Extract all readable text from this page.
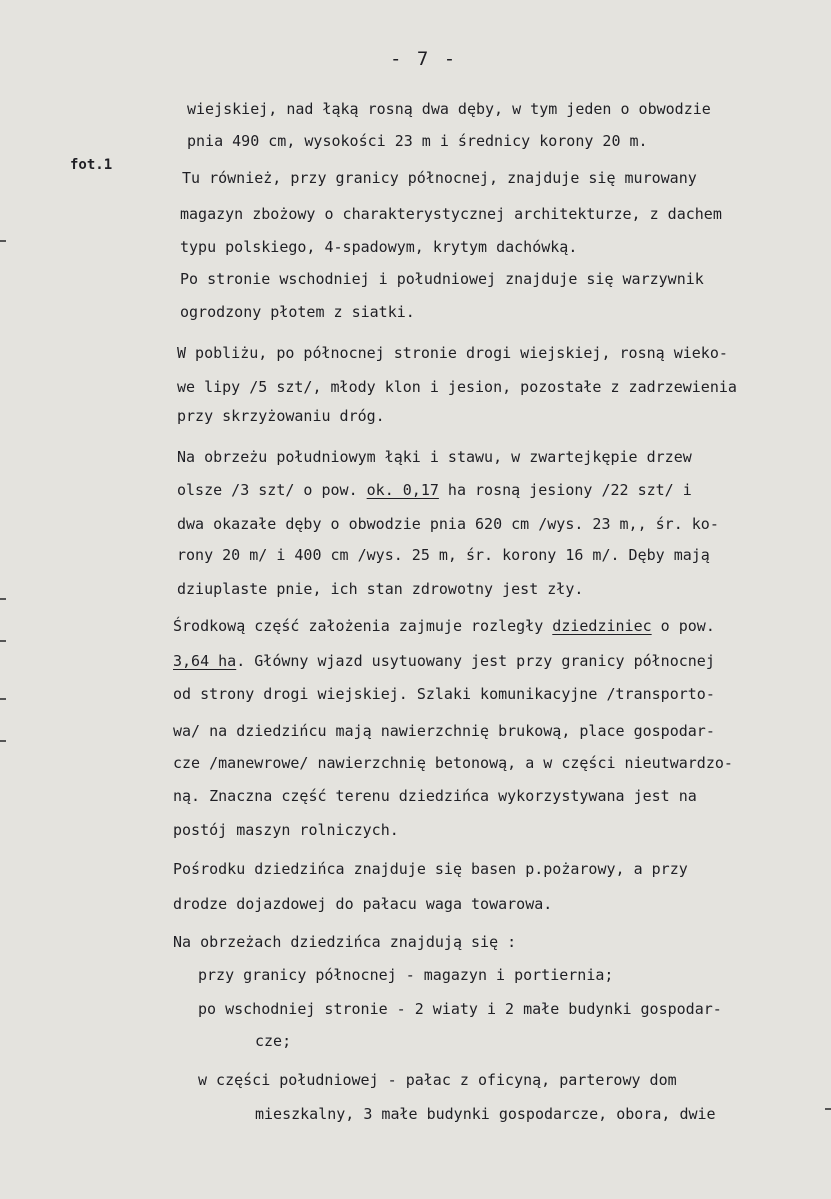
- 7 -
fot.1
wiejskiej, nad łąką rosną dwa dęby, w tym jeden o obwodzie
pnia 490 cm, wysokości 23 m i średnicy korony 20 m.
Tu również, przy granicy północnej, znajduje się murowany
magazyn zbożowy o charakterystycznej architekturze, z dachem
typu polskiego, 4-spadowym, krytym dachówką.
Po stronie wschodniej i południowej znajduje się warzywnik
ogrodzony płotem z siatki.
W pobliżu, po północnej stronie drogi wiejskiej, rosną wieko-
we lipy /5 szt/, młody klon i jesion, pozostałe z zadrzewienia
przy skrzyżowaniu dróg.
Na obrzeżu południowym łąki i stawu, w zwartejkępie drzew
olsze /3 szt/ o pow. ok. 0,17 ha rosną jesiony /22 szt/ i
dwa okazałe dęby o obwodzie pnia 620 cm /wys. 23 m,, śr. ko-
rony 20 m/ i 400 cm /wys. 25 m, śr. korony 16 m/. Dęby mają
dziuplaste pnie, ich stan zdrowotny jest zły.
Środkową część założenia zajmuje rozległy dziedziniec o pow.
3,64 ha. Główny wjazd usytuowany jest przy granicy północnej
od strony drogi wiejskiej. Szlaki komunikacyjne /transporto-
wa/ na dziedzińcu mają nawierzchnię brukową, place gospodar-
cze /manewrowe/ nawierzchnię betonową, a w części nieutwardzo-
ną. Znaczna część terenu dziedzińca wykorzystywana jest na
postój maszyn rolniczych.
Pośrodku dziedzińca znajduje się basen p.pożarowy, a przy
drodze dojazdowej do pałacu waga towarowa.
Na obrzeżach dziedzińca znajdują się :
przy granicy północnej - magazyn i portiernia;
po wschodniej stronie - 2 wiaty i 2 małe budynki gospodar-
cze;
w części południowej - pałac z oficyną, parterowy dom
mieszkalny, 3 małe budynki gospodarcze, obora, dwie
